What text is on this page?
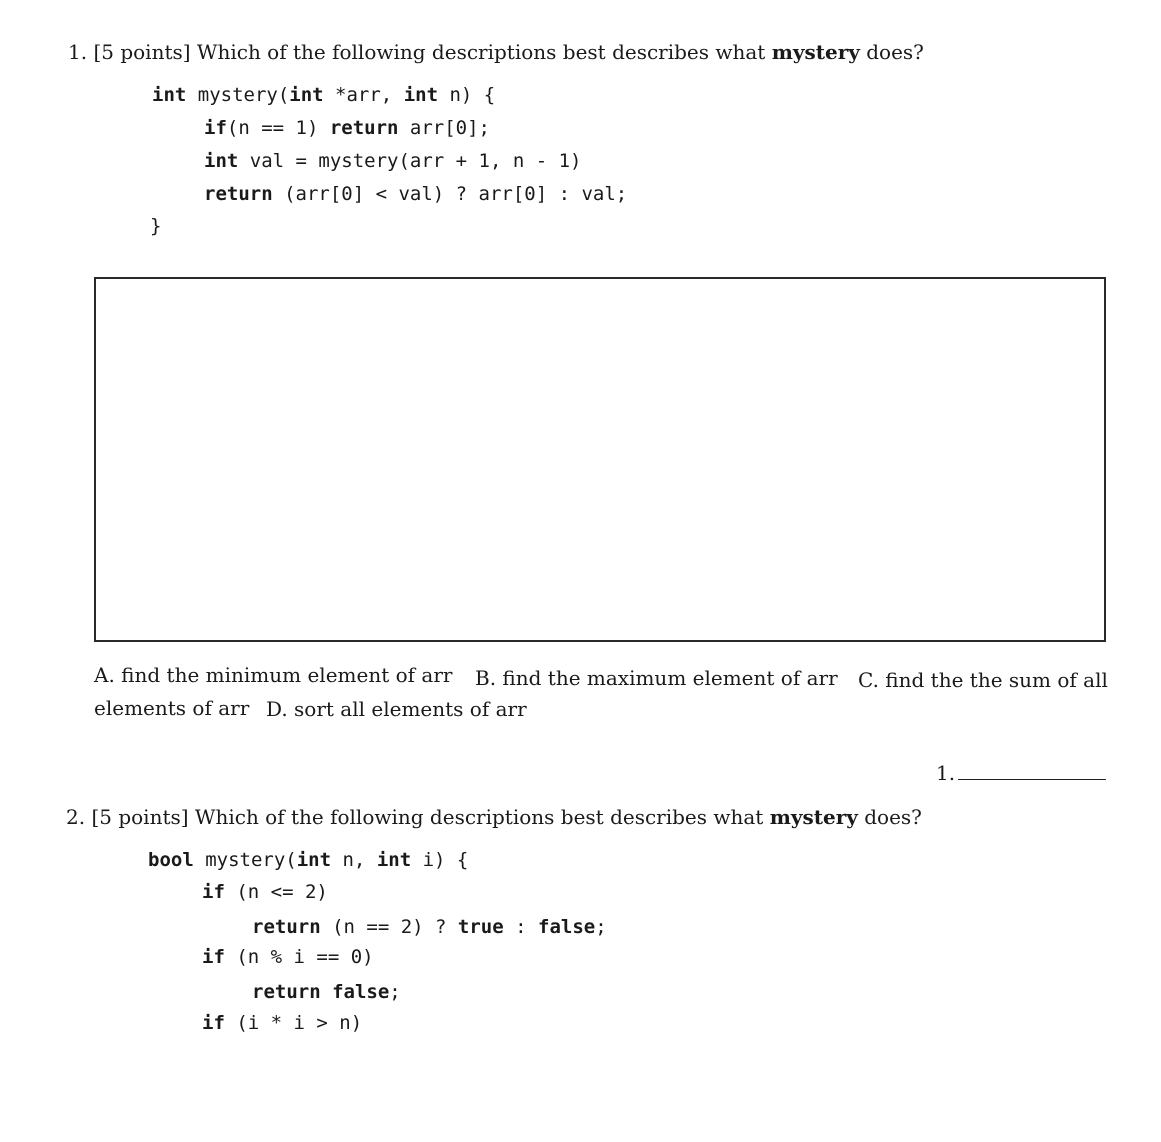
1. [5 points] Which of the following descriptions best describes what mystery does?

int mystery(int *arr, int n) {

if(n == 1) return arr[0];

int val = mystery(arr + 1, n - 1)

return (arr[0] < val) ? arr[0] : val;

}

A. find the minimum element of arr B. find the maximum element of arr C. find the the sum of all
elements of arr D. sort all elements of arr
1.
2. [5 points] Which of the following descriptions best describes what mystery does?

bool mystery(int n, int i) {

if (n <= 2)

return (n == 2) ? true : false;

if (n % i == 0)

return false;

if (i * i > n)
